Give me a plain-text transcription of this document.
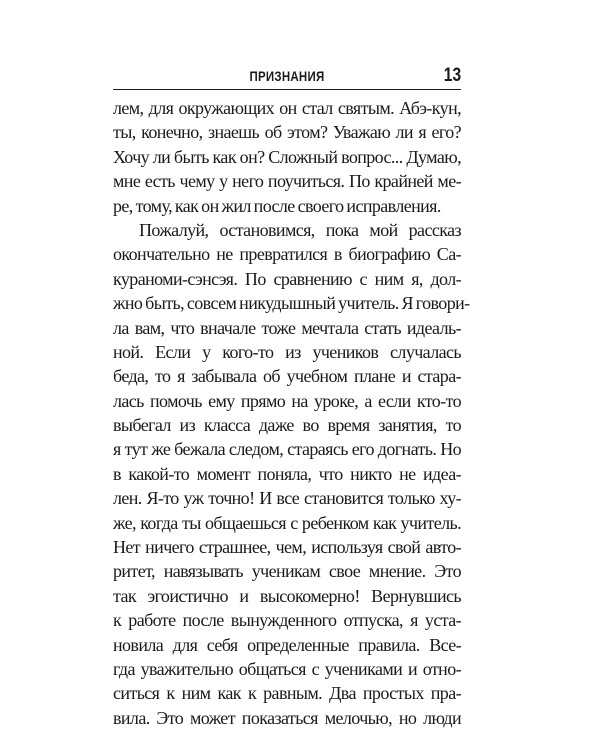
ПРИЗНАНИЯ	13
лем, для окружающих он стал святым. Абэ-кун,
ты, конечно, знаешь об этом? Уважаю ли я его?
Хочу ли быть как он? Сложный вопрос... Думаю,
мне есть чему у него поучиться. По крайней ме-
ре, тому, как он жил после своего исправления.
Пожалуй, остановимся, пока мой рассказ
окончательно не превратился в биографию Са-
кураноми-сэнсэя. По сравнению с ним я, дол-
жно быть, совсем никудышный учитель. Я говори-
ла вам, что вначале тоже мечтала стать идеаль-
ной. Если у кого-то из учеников случалась
беда, то я забывала об учебном плане и стара-
лась помочь ему прямо на уроке, а если кто-то
выбегал из класса даже во время занятия, то
я тут же бежала следом, стараясь его догнать. Но
в какой-то момент поняла, что никто не идеа-
лен. Я-то уж точно! И все становится только ху-
же, когда ты общаешься с ребенком как учитель.
Нет ничего страшнее, чем, используя свой авто-
ритет, навязывать ученикам свое мнение. Это
так эгоистично и высокомерно! Вернувшись
к работе после вынужденного отпуска, я уста-
новила для себя определенные правила. Все-
гда уважительно общаться с учениками и отно-
ситься к ним как к равным. Два простых пра-
вила. Это может показаться мелочью, но люди
